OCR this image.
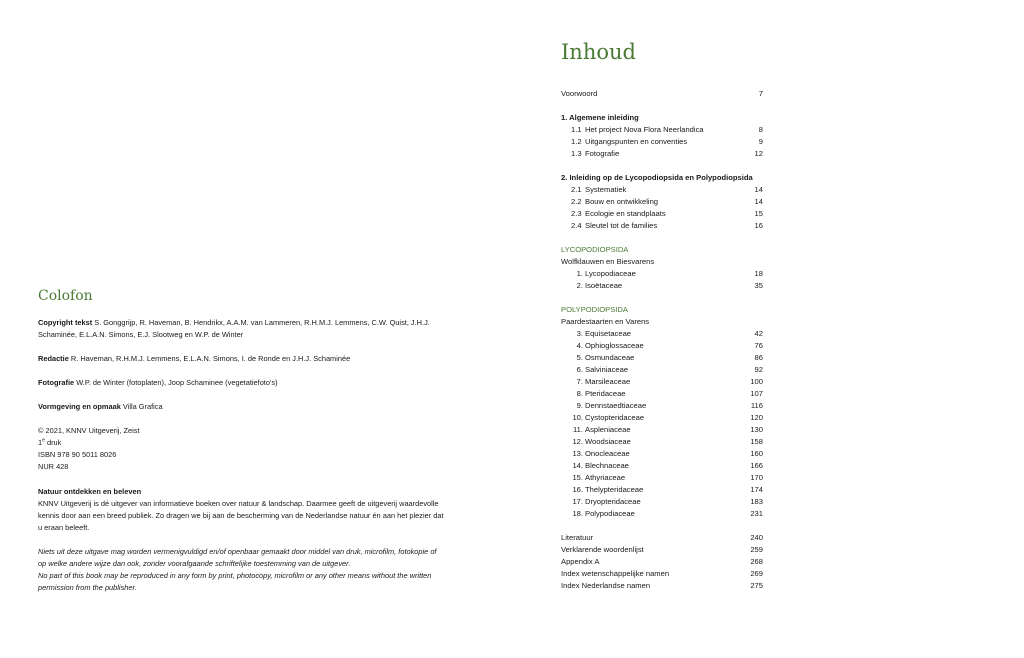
Colofon

Copyright tekst S. Gonggrijp, R. Haveman, B. Hendrikx, A.A.M. van Lammeren, R.H.M.J. Lemmens, C.W. Quist, J.H.J.

Schaminée, E.L.A.N. Simons, E.J. Slootweg en W.P. de Winter

Redactie R. Haveman, R.H.M.J. Lemmens, E.L.A.N. Simons, I. de Ronde en J.H.J. Schaminée

Fotografie W.P. de Winter (fotoplaten), Joop Schaminee (vegetatiefoto's)

Vormgeving en opmaak Villa Grafica

© 2021, KNNV Uitgeverij, Zeist

1e druk

ISBN 978 90 5011 8026

NUR 428

Natuur ontdekken en beleven

KNNV Uitgeverij is dé uitgever van informatieve boeken over natuur & landschap. Daarmee geeft de uitgeverij waardevolle

kennis door aan een breed publiek. Zo dragen we bij aan de bescherming van de Nederlandse natuur én aan het plezier dat

u eraan beleeft.

Niets uit deze uitgave mag worden vermenigvuldigd en/of openbaar gemaakt door middel van druk, microfilm, fotokopie of

op welke andere wijze dan ook, zonder voorafgaande schriftelijke toestemming van de uitgever.

No part of this book may be reproduced in any form by print, photocopy, microfilm or any other means without the written

permission from the publisher.

Inhoud
Voorwoord	7
1. Algemene inleiding
1.1 Het project Nova Flora Neerlandica	8
1.2 Uitgangspunten en conventies	9
1.3 Fotografie	12
2. Inleiding op de Lycopodiopsida en Polypodiopsida
2.1 Systematiek	14
2.2 Bouw en ontwikkeling	14
2.3 Ecologie en standplaats	15
2.4 Sleutel tot de families	16
LYCOPODIOPSIDA
Wolfklauwen en Biesvarens
1. Lycopodiaceae	18
2. Isoëtaceae	35
POLYPODIOPSIDA
Paardestaarten en Varens
3. Equisetaceae	42
4. Ophioglossaceae	76
5. Osmundaceae	86
6. Salviniaceae	92
7. Marsileaceae	100
8. Pteridaceae	107
9. Dennstaedtiaceae	116
10. Cystopteridaceae	120
11. Aspleniaceae	130
12. Woodsiaceae	158
13. Onocleaceae	160
14. Blechnaceae	166
15. Athyriaceae	170
16. Thelypteridaceae	174
17. Dryopteridaceae	183
18. Polypodiaceae	231
Literatuur	240
Verklarende woordenlijst	259
Appendix A	268
Index wetenschappelijke namen	269
Index Nederlandse namen	275
